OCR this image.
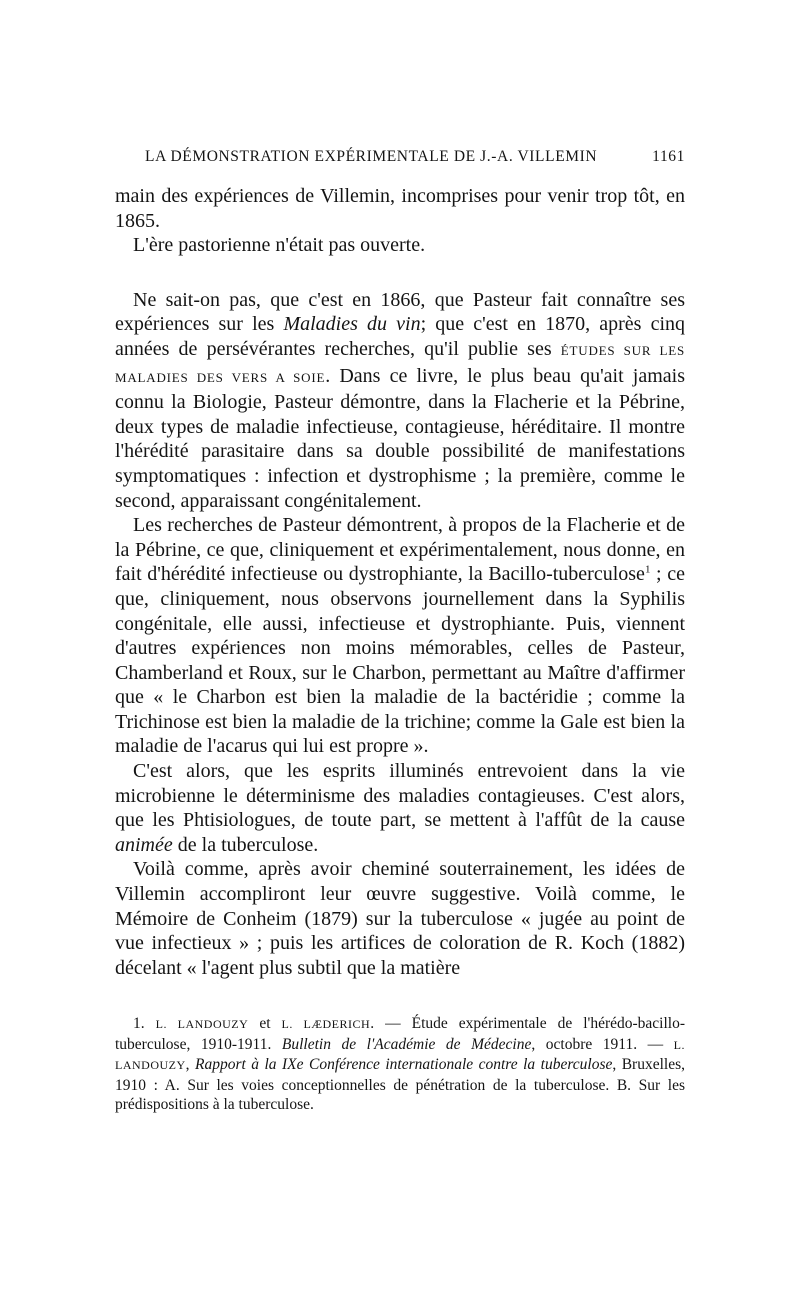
LA DÉMONSTRATION EXPÉRIMENTALE DE J.-A. VILLEMIN	1161

main des expériences de Villemin, incomprises pour venir trop tôt, en 1865.

L'ère pastorienne n'était pas ouverte.

Ne sait-on pas, que c'est en 1866, que Pasteur fait connaître ses expériences sur les Maladies du vin; que c'est en 1870, après cinq années de persévérantes recherches, qu'il publie ses ÉTUDES SUR LES MALADIES DES VERS A SOIE. Dans ce livre, le plus beau qu'ait jamais connu la Biologie, Pasteur démontre, dans la Flacherie et la Pébrine, deux types de maladie infectieuse, contagieuse, héréditaire. Il montre l'hérédité parasitaire dans sa double possibilité de manifestations symptomatiques : infection et dystrophisme ; la première, comme le second, apparaissant congénitalement.

Les recherches de Pasteur démontrent, à propos de la Flacherie et de la Pébrine, ce que, cliniquement et expérimentalement, nous donne, en fait d'hérédité infectieuse ou dystrophiante, la Bacillo-tuberculose$^1$ ; ce que, cliniquement, nous observons journellement dans la Syphilis congénitale, elle aussi, infectieuse et dystrophiante. Puis, viennent d'autres expériences non moins mémorables, celles de Pasteur, Chamberland et Roux, sur le Charbon, permettant au Maître d'affirmer que « le Charbon est bien la maladie de la bactéridie ; comme la Trichinose est bien la maladie de la trichine; comme la Gale est bien la maladie de l'acarus qui lui est propre ».

C'est alors, que les esprits illuminés entrevoient dans la vie microbienne le déterminisme des maladies contagieuses. C'est alors, que les Phtisiologues, de toute part, se mettent à l'affût de la cause animée de la tuberculose.

Voilà comme, après avoir cheminé souterrainement, les idées de Villemin accompliront leur œuvre suggestive. Voilà comme, le Mémoire de Conheim (1879) sur la tuberculose « jugée au point de vue infectieux » ; puis les artifices de coloration de R. Koch (1882) décelant « l'agent plus subtil que la matière

1. L. LANDOUZY et L. LÆDERICH. — Étude expérimentale de l'hérédo-bacillo-tuberculose, 1910-1911. Bulletin de l'Académie de Médecine, octobre 1911. — L. LANDOUZY, Rapport à la IXe Conférence internationale contre la tuberculose, Bruxelles, 1910 : A. Sur les voies conceptionnelles de pénétration de la tuberculose. B. Sur les prédispositions à la tuberculose.
